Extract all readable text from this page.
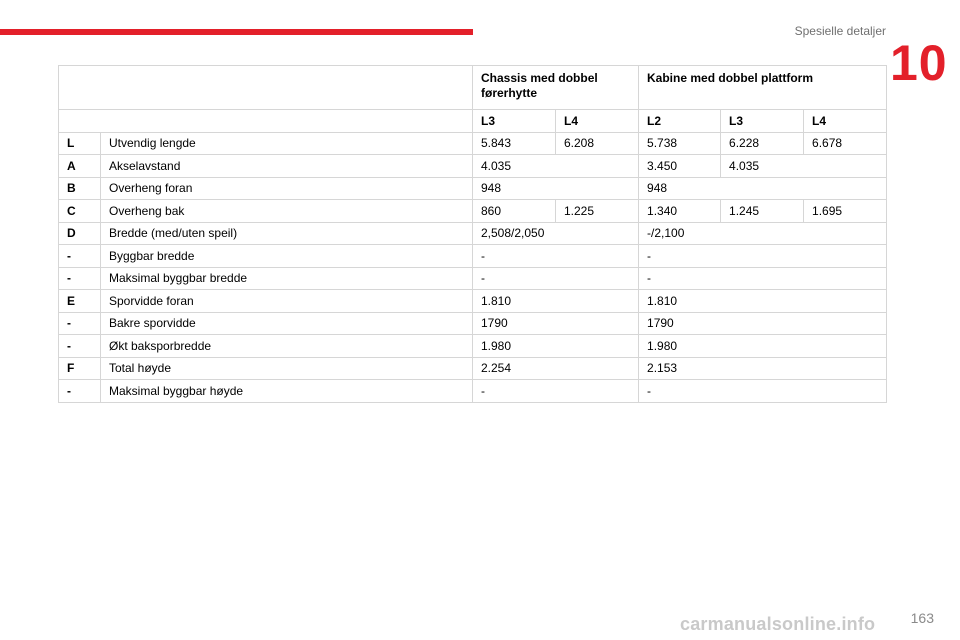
Spesielle detaljer
10
		Chassis med dobbel førerhytte		Kabine med dobbel plattform		
		L3	L4	L2	L3	L4
L	Utvendig lengde	5.843	6.208	5.738	6.228	6.678
A	Akselavstand	4.035		3.450	4.035	
B	Overheng foran	948		948		
C	Overheng bak	860	1.225	1.340	1.245	1.695
D	Bredde (med/uten speil)	2,508/2,050		-/2,100		
-	Byggbar bredde	-		-		
-	Maksimal byggbar bredde	-		-		
E	Sporvidde foran	1.810		1.810		
-	Bakre sporvidde	1790		1790		
-	Økt baksporbredde	1.980		1.980		
F	Total høyde	2.254		2.153		
-	Maksimal byggbar høyde	-		-		
163
carmanualsonline.info
